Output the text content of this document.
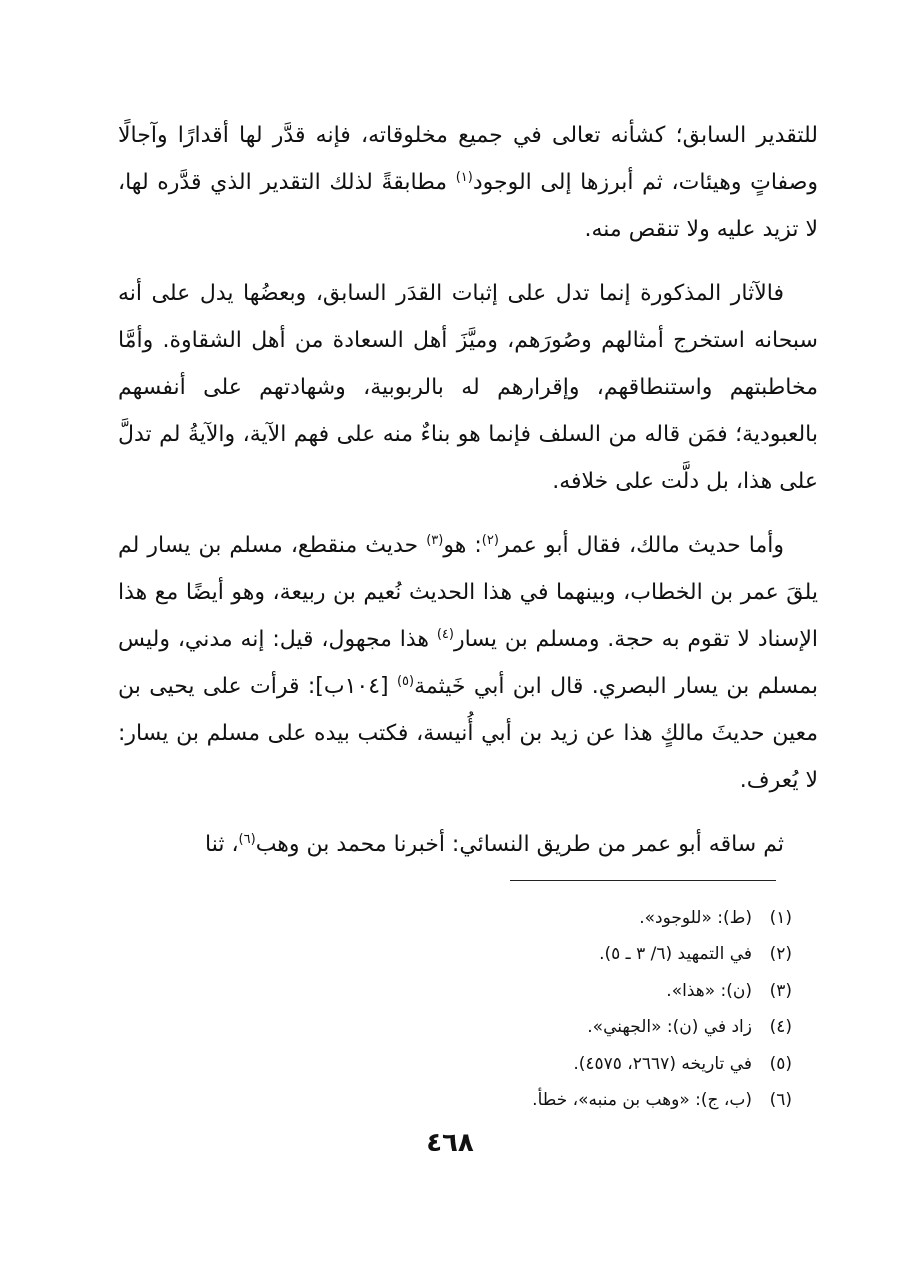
للتقدير السابق؛ كشأنه تعالى في جميع مخلوقاته، فإنه قدَّر لها أقدارًا وآجالًا وصفاتٍ وهيئات، ثم أبرزها إلى الوجود$^{(١)}$ مطابقةً لذلك التقدير الذي قدَّره لها، لا تزيد عليه ولا تنقص منه.

فالآثار المذكورة إنما تدل على إثبات القدَر السابق، وبعضُها يدل على أنه سبحانه استخرج أمثالهم وصُورَهم، وميَّزَ أهل السعادة من أهل الشقاوة. وأمَّا مخاطبتهم واستنطاقهم، وإقرارهم له بالربوبية، وشهادتهم على أنفسهم بالعبودية؛ فمَن قاله من السلف فإنما هو بناءٌ منه على فهم الآية، والآيةُ لم تدلَّ على هذا، بل دلَّت على خلافه.

وأما حديث مالك، فقال أبو عمر$^{(٢)}$: هو$^{(٣)}$ حديث منقطع، مسلم بن يسار لم يلقَ عمر بن الخطاب، وبينهما في هذا الحديث نُعيم بن ربيعة، وهو أيضًا مع هذا الإسناد لا تقوم به حجة. ومسلم بن يسار$^{(٤)}$ هذا مجهول، قيل: إنه مدني، وليس بمسلم بن يسار البصري. قال ابن أبي خَيثمة$^{(٥)}$ [١٠٤ب]: قرأت على يحيى بن معين حديثَ مالكٍ هذا عن زيد بن أبي أُنيسة، فكتب بيده على مسلم بن يسار: لا يُعرف.

ثم ساقه أبو عمر من طريق النسائي: أخبرنا محمد بن وهب$^{(٦)}$، ثنا

(١)
(ط): «للوجود».
(٢)
في التمهيد (٦/ ٣ ـ ٥).
(٣)
(ن): «هذا».
(٤)
زاد في (ن): «الجهني».
(٥)
في تاريخه (٢٦٦٧، ٤٥٧٥).
(٦)
(ب، ج): «وهب بن منبه»، خطأ.
٤٦٨
